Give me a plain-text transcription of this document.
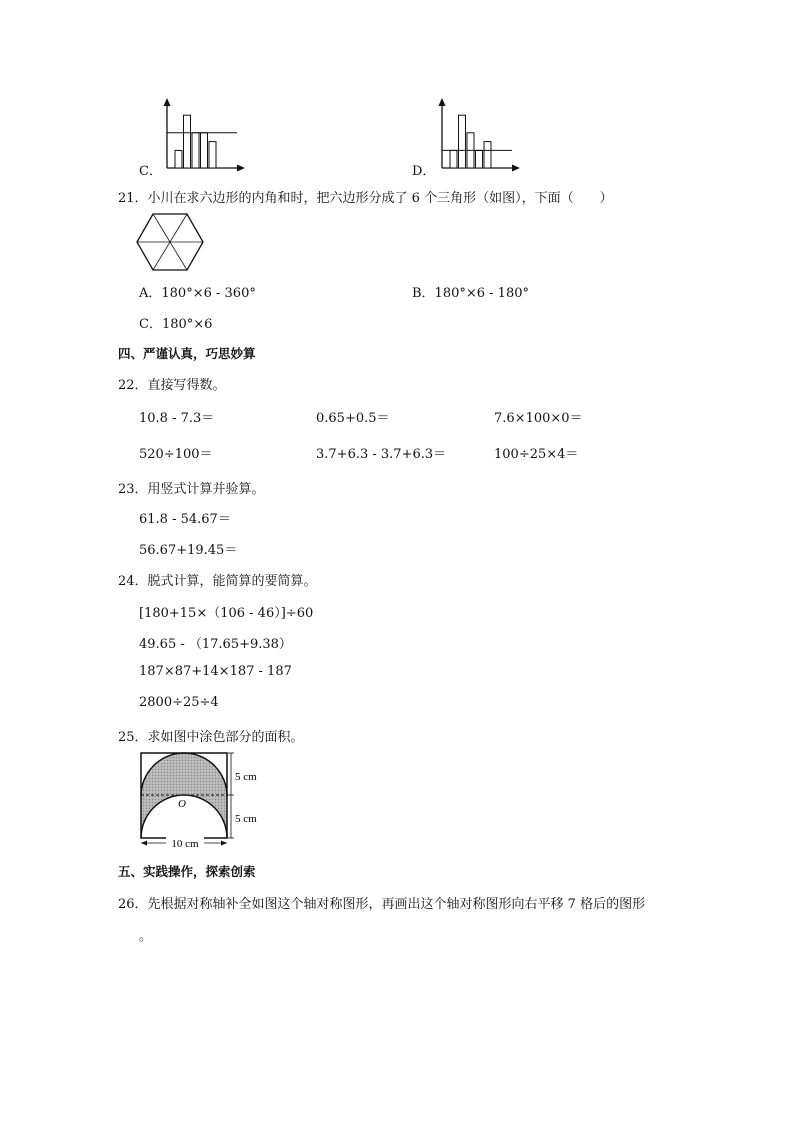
C．	D．
21．小川在求六边形的内角和时，把六边形分成了 6 个三角形（如图），下面（　　）
A．180°×6 - 360°	B．180°×6 - 180°
C．180°×6
四、严谨认真，巧思妙算
22．直接写得数。
10.8 - 7.3＝	0.65+0.5＝	7.6×100×0＝
520÷100＝	3.7+6.3 - 3.7+6.3＝	100÷25×4＝
23．用竖式计算并验算。
61.8 - 54.67＝
56.67+19.45＝
24．脱式计算，能简算的要简算。
[180+15×（106 - 46）]÷60
49.65 - （17.65+9.38）
187×87+14×187 - 187
2800÷25÷4
25．求如图中涂色部分的面积。
10 cm
5 cm
5 cm
O
五、实践操作，探索创索
26．先根据对称轴补全如图这个轴对称图形，再画出这个轴对称图形向右平移 7 格后的图形
。
